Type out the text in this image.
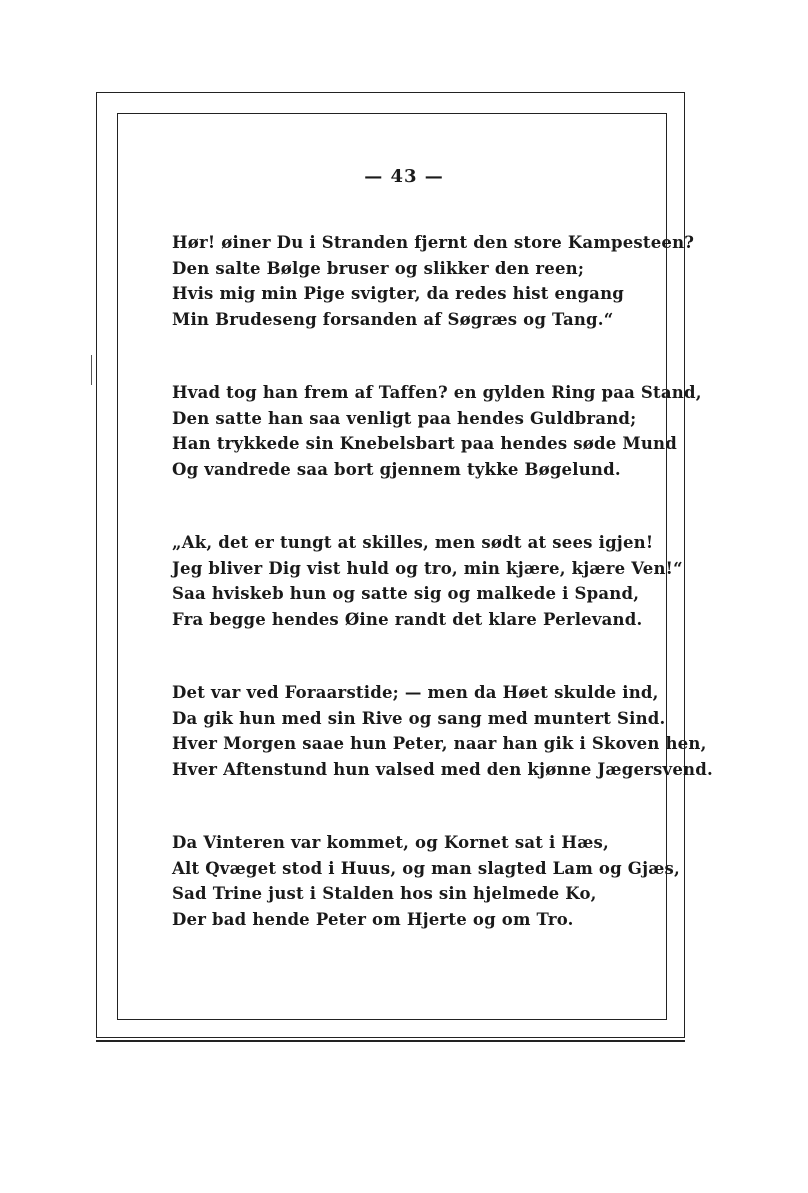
— 43 —
Hør! øiner Du i Stranden fjernt den store Kampesteen?
Den salte Bølge bruser og slikker den reen;
Hvis mig min Pige svigter, da redes hist engang
Min Brudeseng forsanden af Søgræs og Tang.“
Hvad tog han frem af Taffen? en gylden Ring paa Stand,
Den satte han saa venligt paa hendes Guldbrand;
Han trykkede sin Knebelsbart paa hendes søde Mund
Og vandrede saa bort gjennem tykke Bøgelund.
„Ak, det er tungt at skilles, men sødt at sees igjen!
Jeg bliver Dig vist huld og tro, min kjære, kjære Ven!“
Saa hviskeb hun og satte sig og malkede i Spand,
Fra begge hendes Øine randt det klare Perlevand.
Det var ved Foraarstide; — men da Høet skulde ind,
Da gik hun med sin Rive og sang med muntert Sind.
Hver Morgen saae hun Peter, naar han gik i Skoven hen,
Hver Aftenstund hun valsed med den kjønne Jægersvend.
Da Vinteren var kommet, og Kornet sat i Hæs,
Alt Qvæget stod i Huus, og man slagted Lam og Gjæs,
Sad Trine just i Stalden hos sin hjelmede Ko,
Der bad hende Peter om Hjerte og om Tro.
